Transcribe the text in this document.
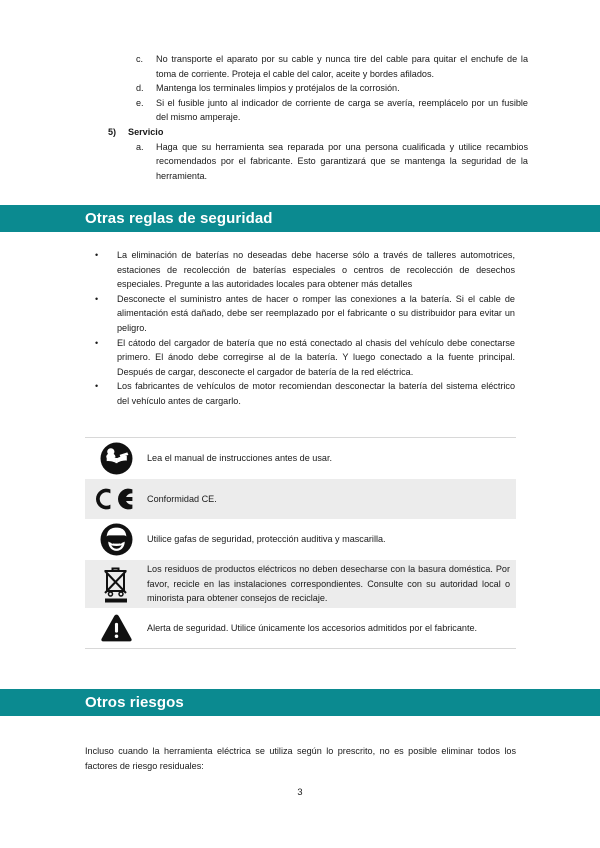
c.	No transporte el aparato por su cable y nunca tire del cable para quitar el enchufe de la toma de corriente. Proteja el cable del calor, aceite y bordes afilados.
d.	Mantenga los terminales limpios y protéjalos de la corrosión.
e.	Si el fusible junto al indicador de corriente de carga se avería, reemplácelo por un fusible del mismo amperaje.
5)	Servicio
a.	Haga que su herramienta sea reparada por una persona cualificada y utilice recambios recomendados por el fabricante. Esto garantizará que se mantenga la seguridad de la herramienta.
Otras reglas de seguridad
•	La eliminación de baterías no deseadas debe hacerse sólo a través de talleres automotrices, estaciones de recolección de baterías especiales o centros de recolección de desechos especiales. Pregunte a las autoridades locales para obtener más detalles
•	Desconecte el suministro antes de hacer o romper las conexiones a la batería. Si el cable de alimentación está dañado, debe ser reemplazado por el fabricante o su distribuidor para evitar un peligro.
•	El cátodo del cargador de batería que no está conectado al chasis del vehículo debe conectarse primero. El ánodo debe corregirse al de la batería. Y luego conectado a la fuente principal. Después de cargar, desconecte el cargador de batería de la red eléctrica.
•	Los fabricantes de vehículos de motor recomiendan desconectar la batería del sistema eléctrico del vehículo antes de cargarlo.
Lea el manual de instrucciones antes de usar.
Conformidad CE.
Utilice gafas de seguridad, protección auditiva y mascarilla.
Los residuos de productos eléctricos no deben desecharse con la basura doméstica. Por favor, recicle en las instalaciones correspondientes. Consulte con su autoridad local o minorista para obtener consejos de reciclaje.
Alerta de seguridad. Utilice únicamente los accesorios admitidos por el fabricante.
Otros riesgos
Incluso cuando la herramienta eléctrica se utiliza según lo prescrito, no es posible eliminar todos los factores de riesgo residuales:
3
